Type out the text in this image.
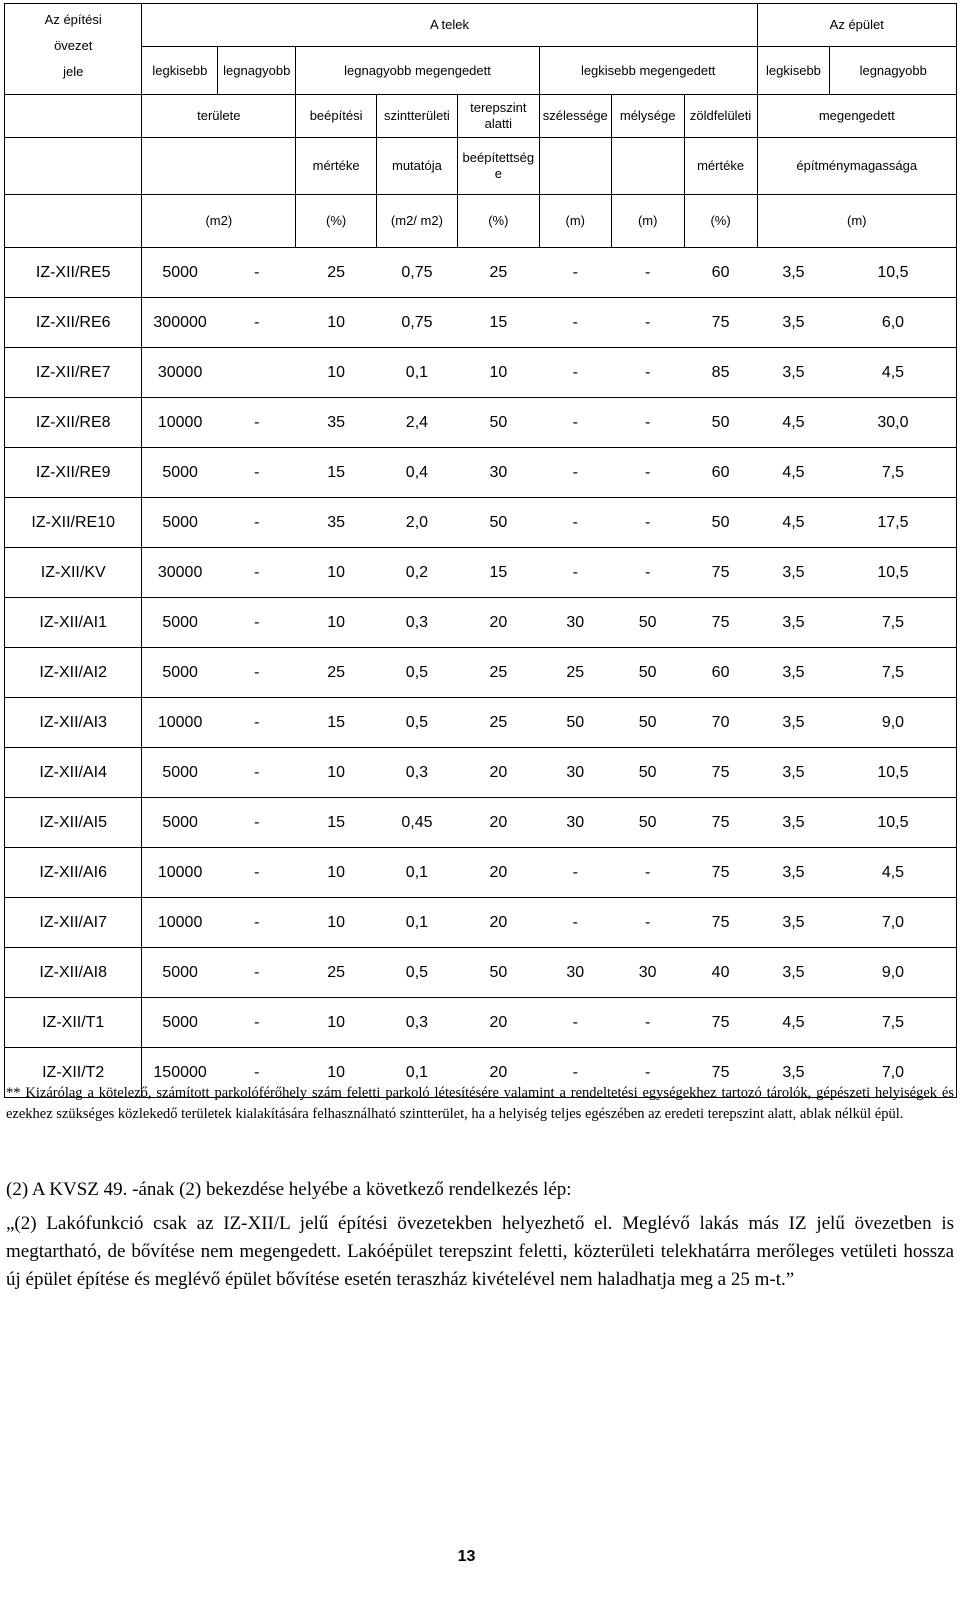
Az építési
övezet
jele	A telek								Az épület	
	legkisebb	legnagyobb	legnagyobb megengedett			legkisebb megengedett			legkisebb	legnagyobb
	területe		beépítési	szintterületi	terepszint alatti	szélessége	mélysége	zöldfelületi	megengedett	
			mértéke	mutatója	beépítettség e			mértéke	építménymagassága	
	(m2)		(%)	(m2/ m2)	(%)	(m)	(m)	(%)	(m)	
IZ-XII/RE5	5000	-	25	0,75	25	-	-	60	3,5	10,5
IZ-XII/RE6	300000	-	10	0,75	15	-	-	75	3,5	6,0
IZ-XII/RE7	30000		10	0,1	10	-	-	85	3,5	4,5
IZ-XII/RE8	10000	-	35	2,4	50	-	-	50	4,5	30,0
IZ-XII/RE9	5000	-	15	0,4	30	-	-	60	4,5	7,5
IZ-XII/RE10	5000	-	35	2,0	50	-	-	50	4,5	17,5
IZ-XII/KV	30000	-	10	0,2	15	-	-	75	3,5	10,5
IZ-XII/AI1	5000	-	10	0,3	20	30	50	75	3,5	7,5
IZ-XII/AI2	5000	-	25	0,5	25	25	50	60	3,5	7,5
IZ-XII/AI3	10000	-	15	0,5	25	50	50	70	3,5	9,0
IZ-XII/AI4	5000	-	10	0,3	20	30	50	75	3,5	10,5
IZ-XII/AI5	5000	-	15	0,45	20	30	50	75	3,5	10,5
IZ-XII/AI6	10000	-	10	0,1	20	-	-	75	3,5	4,5
IZ-XII/AI7	10000	-	10	0,1	20	-	-	75	3,5	7,0
IZ-XII/AI8	5000	-	25	0,5	50	30	30	40	3,5	9,0
IZ-XII/T1	5000	-	10	0,3	20	-	-	75	4,5	7,5
IZ-XII/T2	150000	-	10	0,1	20	-	-	75	3,5	7,0
** Kizárólag a kötelező, számított parkolóférőhely szám feletti parkoló létesítésére valamint a rendeltetési egységekhez tartozó tárolók, gépészeti helyiségek és ezekhez szükséges közlekedő területek kialakítására felhasználható szintterület, ha a helyiség teljes egészében az eredeti terepszint alatt, ablak nélkül épül.
(2) A KVSZ 49. -ának (2) bekezdése helyébe a következő rendelkezés lép:
„(2) Lakófunkció csak az IZ-XII/L jelű építési övezetekben helyezhető el. Meglévő lakás más IZ jelű övezetben is megtartható, de bővítése nem megengedett. Lakóépület terepszint feletti, közterületi telekhatárra merőleges vetületi hossza új épület építése és meglévő épület bővítése esetén teraszház kivételével nem haladhatja meg a 25 m-t.”
13
